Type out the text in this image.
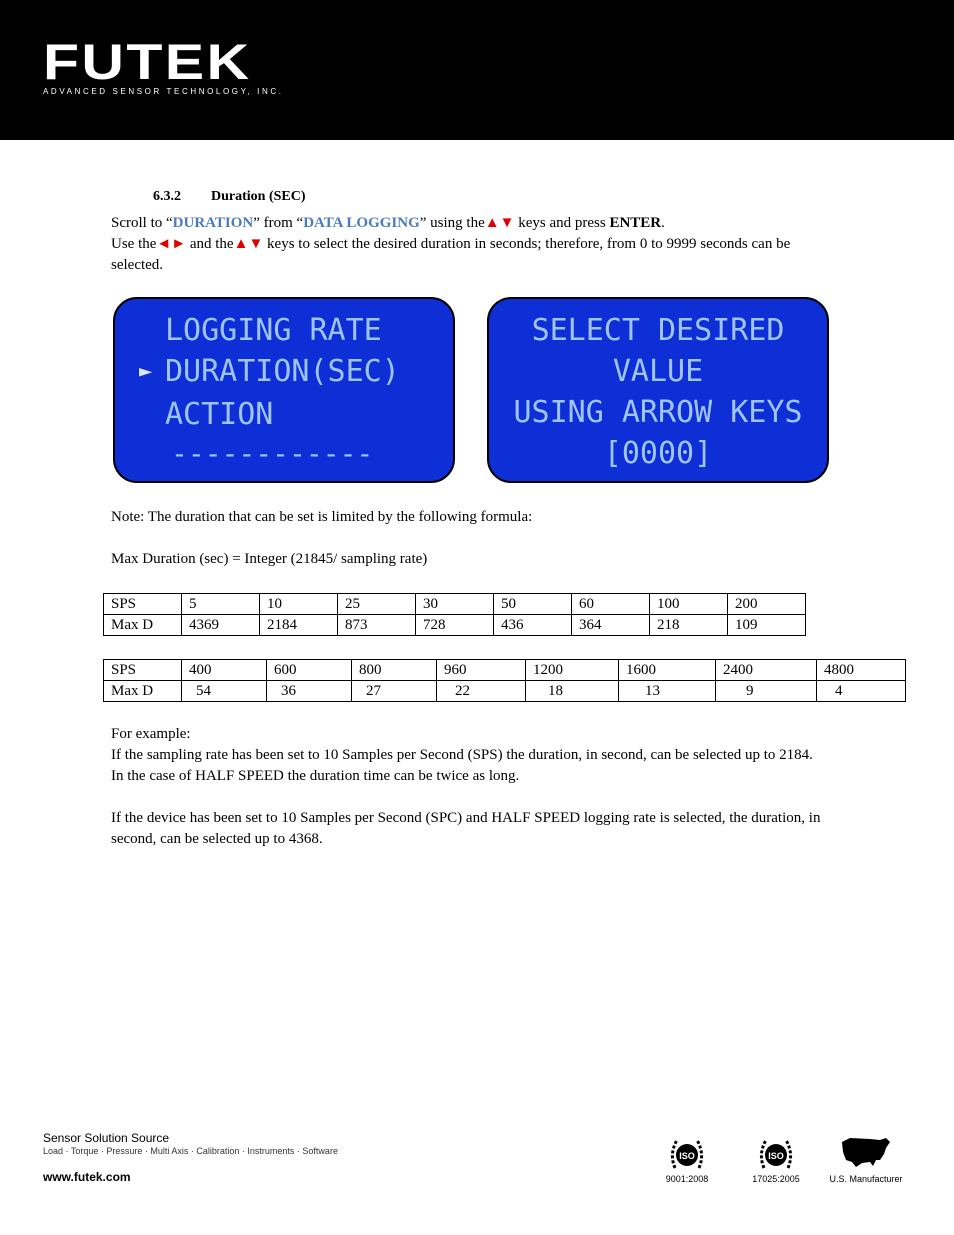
FUTEK
ADVANCED SENSOR TECHNOLOGY, INC.
6.3.2 Duration (SEC)

Scroll to “DURATION” from “DATA LOGGING” using the▲▼ keys and press ENTER.

Use the◄► and the▲▼ keys to select the desired duration in seconds; therefore, from 0 to 9999 seconds can be selected.

LOGGING RATE
► DURATION(SEC)
ACTION
------------
SELECT DESIRED
VALUE
USING ARROW KEYS
[0000]
Note: The duration that can be set is limited by the following formula:
Max Duration (sec) = Integer (21845/ sampling rate)
SPS	5	10	25	30	50	60	100	200
Max D	4369	2184	873	728	436	364	218	109
SPS	400	600	800	960	1200	1600	2400	4800
Max D	54	36	27	22	18	13	9	4

For example:

If the sampling rate has been set to 10 Samples per Second (SPS) the duration, in second, can be selected up to 2184.

In the case of HALF SPEED the duration time can be twice as long.

If the device has been set to 10 Samples per Second (SPC) and HALF SPEED logging rate is selected, the duration, in second, can be selected up to 4368.

Sensor Solution Source
Load · Torque · Pressure · Multi Axis · Calibration · Instruments · Software
www.futek.com
ISO
9001:2008
ISO
17025:2005	U.S. Manufacturer
